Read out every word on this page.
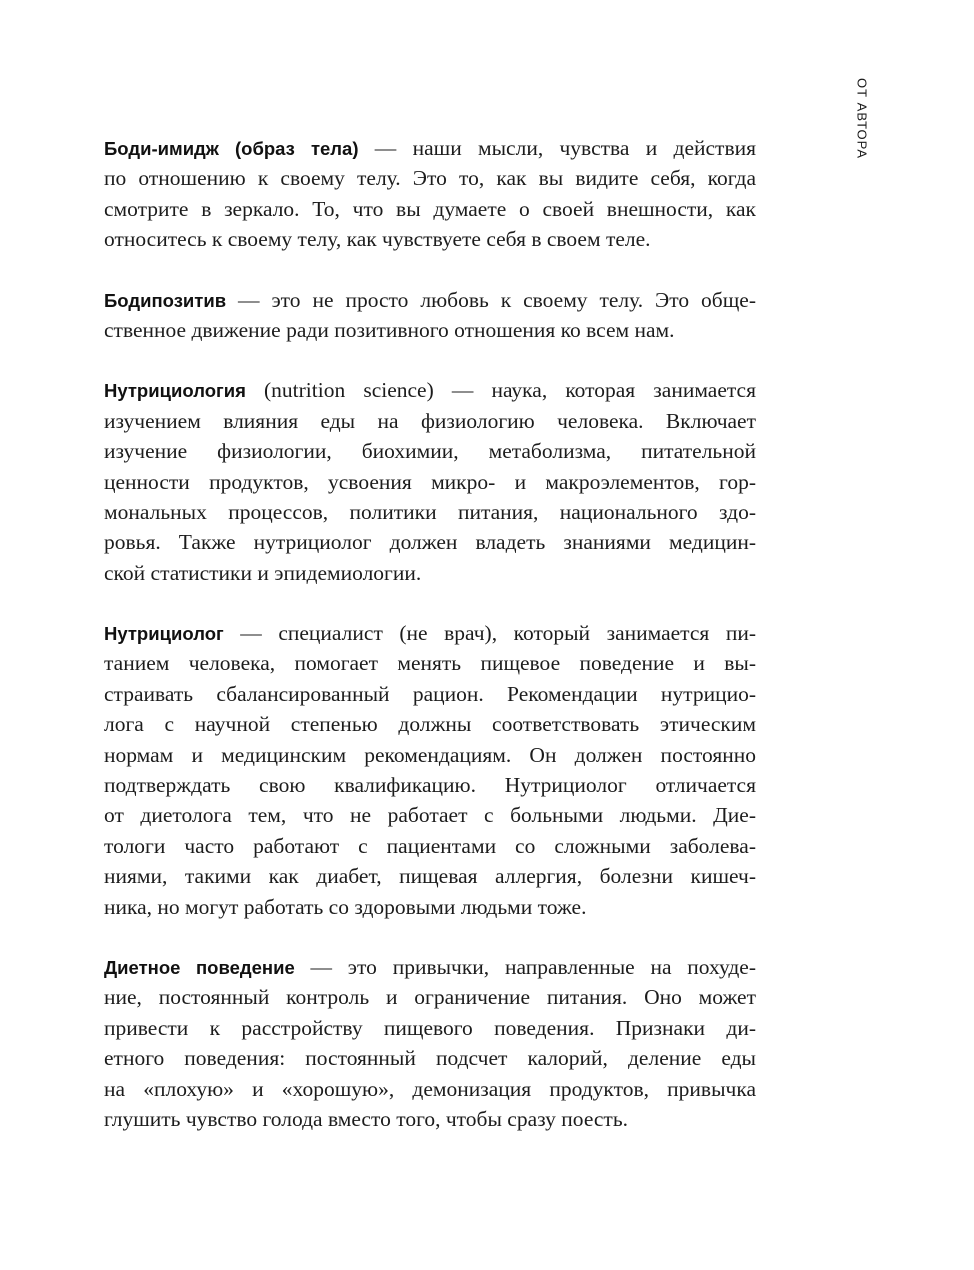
ОТ АВТОРА
Боди-имидж (образ тела) — наши мысли, чувства и действия
по отношению к своему телу. Это то, как вы видите себя, когда
смотрите в зеркало. То, что вы думаете о своей внешности, как
относитесь к своему телу, как чувствуете себя в своем теле.
Бодипозитив — это не просто любовь к своему телу. Это обще-
ственное движение ради позитивного отношения ко всем нам.
Нутрициология (nutrition science) — наука, которая занимается
изучением влияния еды на физиологию человека. Включает
изучение физиологии, биохимии, метаболизма, питательной
ценности продуктов, усвоения микро- и макроэлементов, гор-
мональных процессов, политики питания, национального здо-
ровья. Также нутрициолог должен владеть знаниями медицин-
ской статистики и эпидемиологии.
Нутрициолог — специалист (не врач), который занимается пи-
танием человека, помогает менять пищевое поведение и вы-
страивать сбалансированный рацион. Рекомендации нутрицио-
лога с научной степенью должны соответствовать этическим
нормам и медицинским рекомендациям. Он должен постоянно
подтверждать свою квалификацию. Нутрициолог отличается
от диетолога тем, что не работает с больными людьми. Дие-
тологи часто работают с пациентами со сложными заболева-
ниями, такими как диабет, пищевая аллергия, болезни кишеч-
ника, но могут работать со здоровыми людьми тоже.
Диетное поведение — это привычки, направленные на похуде-
ние, постоянный контроль и ограничение питания. Оно может
привести к расстройству пищевого поведения. Признаки ди-
етного поведения: постоянный подсчет калорий, деление еды
на «плохую» и «хорошую», демонизация продуктов, привычка
глушить чувство голода вместо того, чтобы сразу поесть.
